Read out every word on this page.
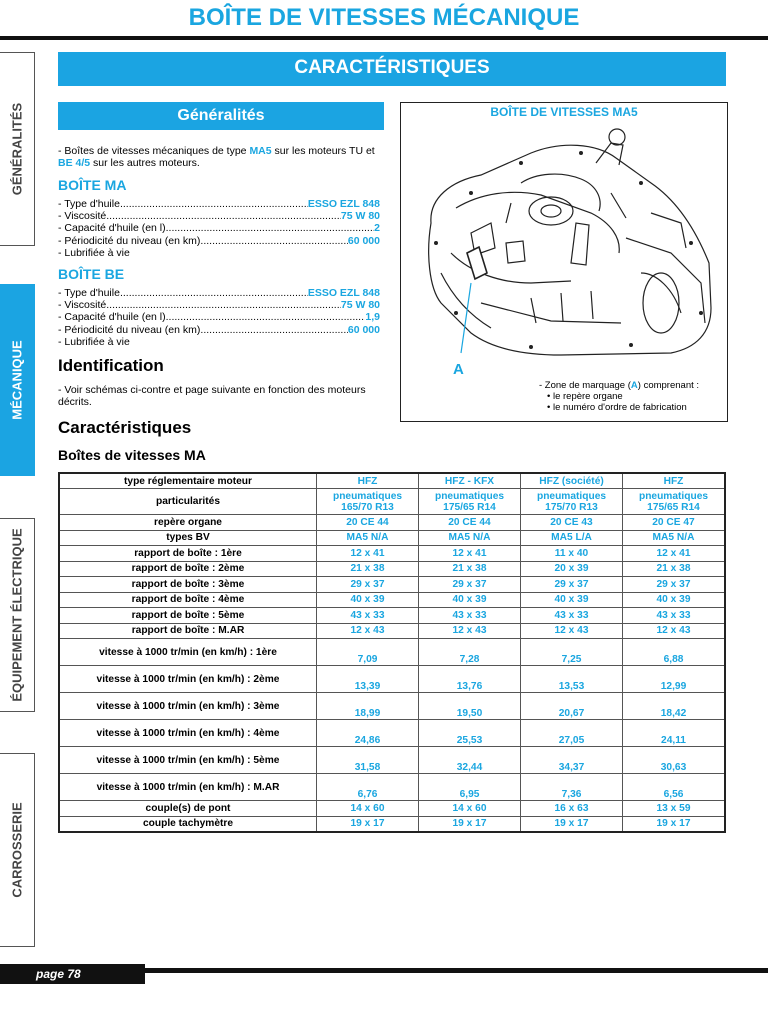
BOÎTE DE VITESSES MÉCANIQUE
GÉNÉRALITÉS
MÉCANIQUE
ÉQUIPEMENT ÉLECTRIQUE
CARROSSERIE
CARACTÉRISTIQUES
Généralités
- Boîtes de vitesses mécaniques de type MA5 sur les moteurs TU et BE 4/5 sur les autres moteurs.
BOÎTE MA
- Type d'huile .....	ESSO EZL 848
- Viscosité .....	75 W 80
- Capacité d'huile (en l) .....	2
- Périodicité du niveau (en km) .....	60 000
- Lubrifiée à vie
BOÎTE BE
- Type d'huile .....	ESSO EZL 848
- Viscosité .....	75 W 80
- Capacité d'huile (en l) .....	1,9
- Périodicité du niveau (en km) .....	60 000
- Lubrifiée à vie
Identification
- Voir schémas ci-contre et page suivante en fonction des moteurs décrits.
Caractéristiques
Boîtes de vitesses MA
BOÎTE DE VITESSES MA5
A
- Zone de marquage (A) comprenant :
• le repère organe
• le numéro d'ordre de fabrication
type réglementaire moteur	HFZ	HFZ - KFX	HFZ (société)	HFZ
particularités	pneumatiques 165/70 R13	pneumatiques 175/65 R14	pneumatiques 175/70 R13	pneumatiques 175/65 R14
repère organe	20 CE 44	20 CE 44	20 CE 43	20 CE 47
types BV	MA5 N/A	MA5 N/A	MA5 L/A	MA5 N/A
rapport de boîte : 1ère	12 x 41	12 x 41	11 x 40	12 x 41
rapport de boîte : 2ème	21 x 38	21 x 38	20 x 39	21 x 38
rapport de boîte : 3ème	29 x 37	29 x 37	29 x 37	29 x 37
rapport de boîte : 4ème	40 x 39	40 x 39	40 x 39	40 x 39
rapport de boîte : 5ème	43 x 33	43 x 33	43 x 33	43 x 33
rapport de boîte : M.AR	12 x 43	12 x 43	12 x 43	12 x 43
vitesse à 1000 tr/min (en km/h) : 1ère	7,09	7,28	7,25	6,88
vitesse à 1000 tr/min (en km/h) : 2ème	13,39	13,76	13,53	12,99
vitesse à 1000 tr/min (en km/h) : 3ème	18,99	19,50	20,67	18,42
vitesse à 1000 tr/min (en km/h) : 4ème	24,86	25,53	27,05	24,11
vitesse à 1000 tr/min (en km/h) : 5ème	31,58	32,44	34,37	30,63
vitesse à 1000 tr/min (en km/h) : M.AR	6,76	6,95	7,36	6,56
couple(s) de pont	14 x 60	14 x 60	16 x 63	13 x 59
couple tachymètre	19 x 17	19 x 17	19 x 17	19 x 17
page 78
